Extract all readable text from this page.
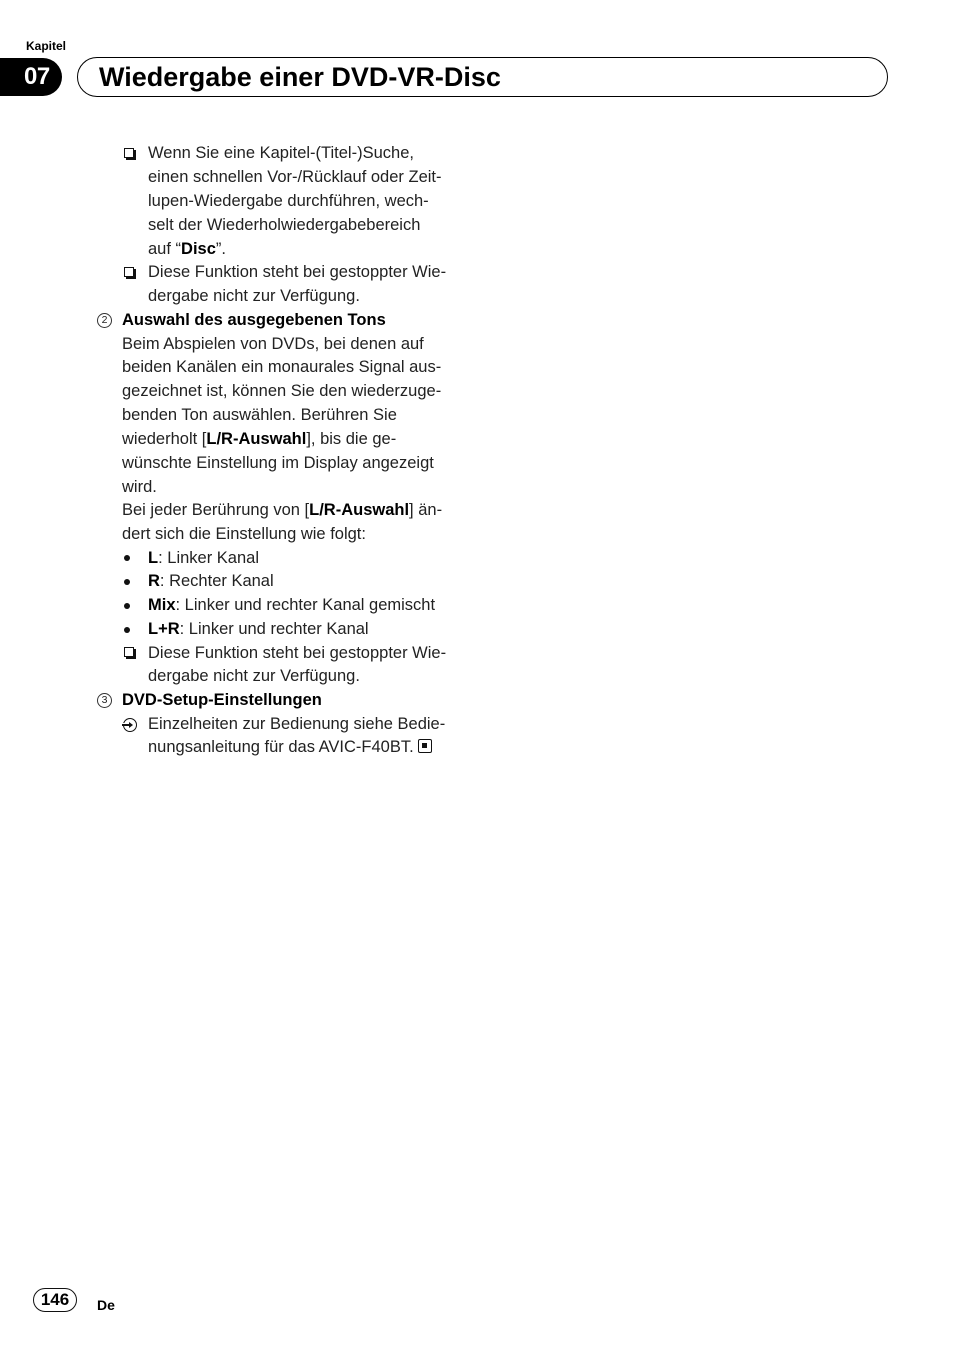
Kapitel
07	Wiedergabe einer DVD-VR-Disc
Wenn Sie eine Kapitel-(Titel-)Suche,
einen schnellen Vor-/Rücklauf oder Zeit-
lupen-Wiedergabe durchführen, wech-
selt der Wiederholwiedergabebereich
auf “Disc”.
Diese Funktion steht bei gestoppter Wie-
dergabe nicht zur Verfügung.
2 Auswahl des ausgegebenen Tons
Beim Abspielen von DVDs, bei denen auf
beiden Kanälen ein monaurales Signal aus-
gezeichnet ist, können Sie den wiederzuge-
benden Ton auswählen. Berühren Sie
wiederholt [L/R-Auswahl], bis die ge-
wünschte Einstellung im Display angezeigt
wird.
Bei jeder Berührung von [L/R-Auswahl] än-
dert sich die Einstellung wie folgt:
L: Linker Kanal
R: Rechter Kanal
Mix: Linker und rechter Kanal gemischt
L+R: Linker und rechter Kanal
Diese Funktion steht bei gestoppter Wie-
dergabe nicht zur Verfügung.
3 DVD-Setup-Einstellungen
Einzelheiten zur Bedienung siehe Bedie-
nungsanleitung für das AVIC-F40BT.
146	De
